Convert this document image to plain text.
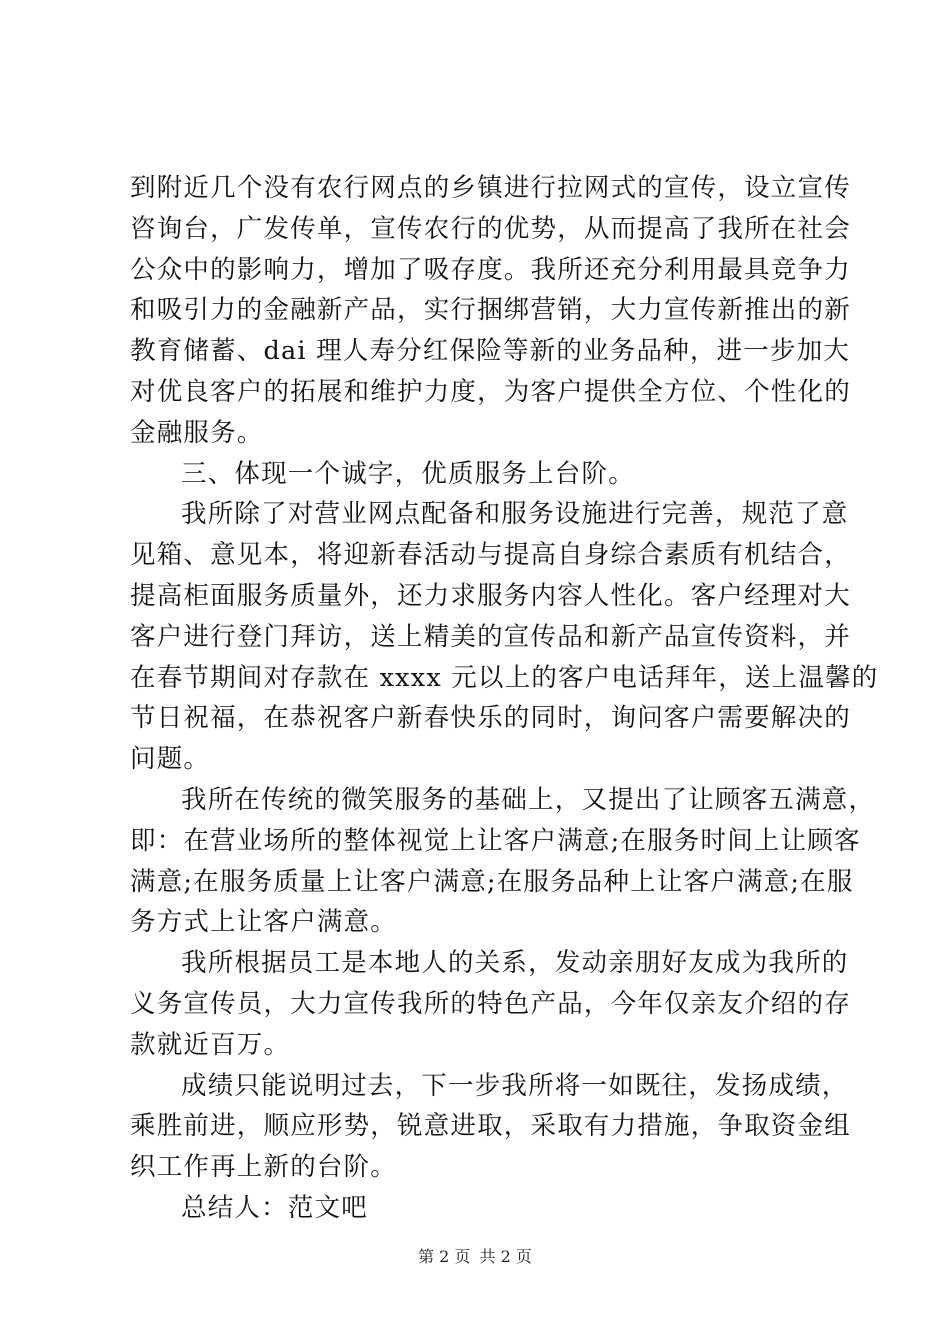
到附近几个没有农行网点的乡镇进行拉网式的宣传，设立宣传
咨询台，广发传单，宣传农行的优势，从而提高了我所在社会
公众中的影响力，增加了吸存度。我所还充分利用最具竞争力
和吸引力的金融新产品，实行捆绑营销，大力宣传新推出的新
教育储蓄、dai 理人寿分红保险等新的业务品种，进一步加大
对优良客户的拓展和维护力度，为客户提供全方位、个性化的
金融服务。
三、体现一个诚字，优质服务上台阶。
我所除了对营业网点配备和服务设施进行完善，规范了意
见箱、意见本，将迎新春活动与提高自身综合素质有机结合，
提高柜面服务质量外，还力求服务内容人性化。客户经理对大
客户进行登门拜访，送上精美的宣传品和新产品宣传资料，并
在春节期间对存款在 xxxx 元以上的客户电话拜年，送上温馨的
节日祝福，在恭祝客户新春快乐的同时，询问客户需要解决的
问题。
我所在传统的微笑服务的基础上，又提出了让顾客五满意，
即：在营业场所的整体视觉上让客户满意;在服务时间上让顾客
满意;在服务质量上让客户满意;在服务品种上让客户满意;在服
务方式上让客户满意。
我所根据员工是本地人的关系，发动亲朋好友成为我所的
义务宣传员，大力宣传我所的特色产品，今年仅亲友介绍的存
款就近百万。
成绩只能说明过去，下一步我所将一如既往，发扬成绩，
乘胜前进，顺应形势，锐意进取，采取有力措施，争取资金组
织工作再上新的台阶。
总结人：范文吧
第 2 页 共 2 页
